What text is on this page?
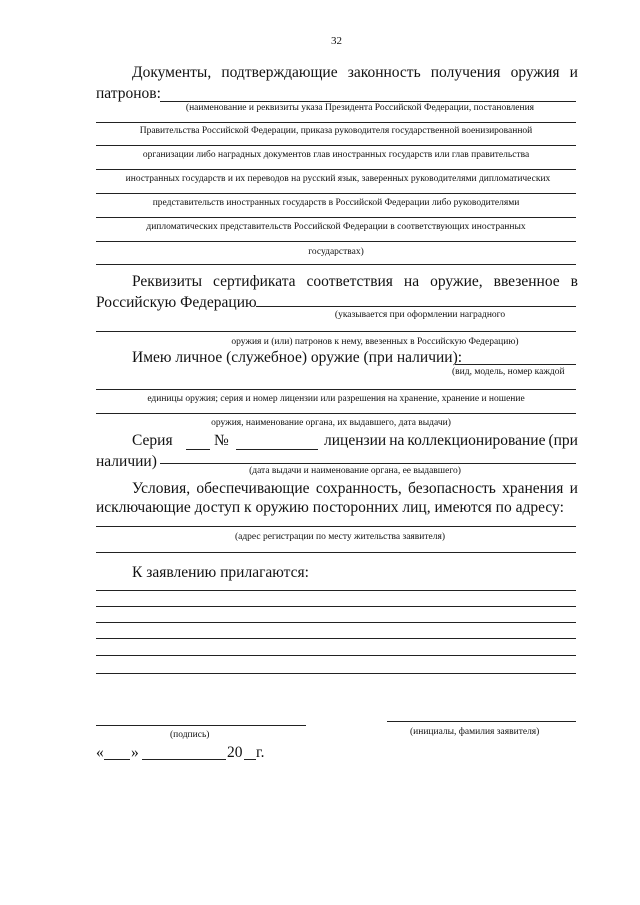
32
Документы, подтверждающие законность получения оружия и
патронов:
(наименование и реквизиты указа Президента Российской Федерации, постановления
Правительства Российской Федерации, приказа руководителя государственной военизированной
организации либо наградных документов глав иностранных государств или глав правительства
иностранных государств и их переводов на русский язык, заверенных руководителями дипломатических
представительств иностранных государств в Российской Федерации либо руководителями
дипломатических представительств Российской Федерации в соответствующих иностранных
государствах)
Реквизиты сертификата соответствия на оружие, ввезенное в
Российскую Федерацию
(указывается при оформлении наградного
оружия и (или) патронов к нему, ввезенных в Российскую Федерацию)
Имею личное (служебное) оружие (при наличии):
(вид, модель, номер каждой
единицы оружия; серия и номер лицензии или разрешения на хранение, хранение и ношение
оружия, наименование органа, их выдавшего, дата выдачи)
Серия	№	лицензии на коллекционирование (при
наличии)
(дата выдачи и наименование органа, ее выдавшего)
Условия, обеспечивающие сохранность, безопасность хранения и
исключающие доступ к оружию посторонних лиц, имеются по адресу:
(адрес регистрации по месту жительства заявителя)
К заявлению прилагаются:
(подпись)	(инициалы, фамилия заявителя)
« »	20 г.
